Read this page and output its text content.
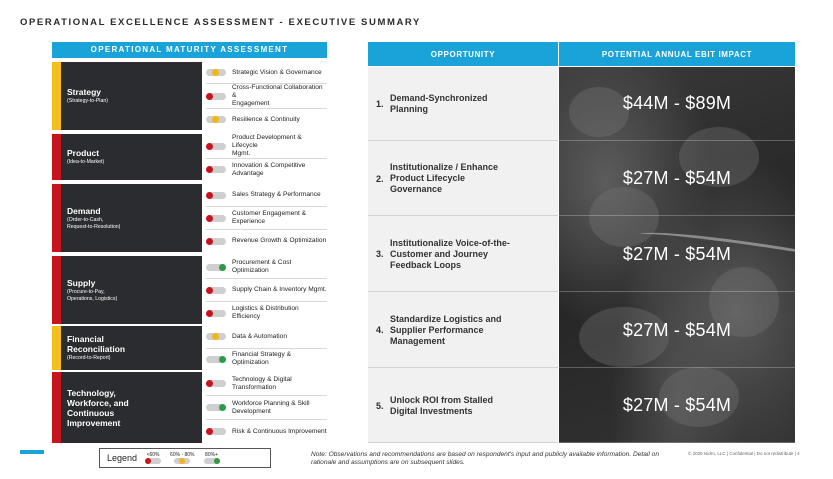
OPERATIONAL EXCELLENCE ASSESSMENT - EXECUTIVE SUMMARY
OPERATIONAL MATURITY ASSESSMENT
Strategy
(Strategy-to-Plan)
Strategic Vision & Governance
Cross-Functional Collaboration &
Engagement
Resilience & Continuity
Product
(Idea-to-Market)
Product Development & Lifecycle
Mgmt.
Innovation & Competitive
Advantage
Demand
(Order-to-Cash,
Request-to-Resolution)
Sales Strategy & Performance
Customer Engagement &
Experience
Revenue Growth & Optimization
Supply
(Procure-to-Pay,
Operations, Logistics)
Procurement & Cost Optimization
Supply Chain & Inventory Mgmt.
Logistics & Distribution Efficiency
Financial
Reconciliation
(Record-to-Report)
Data & Automation
Financial Strategy & Optimization
Technology,
Workforce, and
Continuous
Improvement
Technology & Digital
Transformation
Workforce Planning & Skill
Development
Risk & Continuous Improvement
OPPORTUNITY	POTENTIAL ANNUAL EBIT IMPACT
1.
Demand-Synchronized
Planning
2.
Institutionalize / Enhance
Product Lifecycle
Governance
3.
Institutionalize Voice-of-the-
Customer and Journey
Feedback Loops
4.
Standardize Logistics and
Supplier Performance
Management
5.
Unlock ROI from Stalled
Digital Investments
$44M - $89M
$27M - $54M
$27M - $54M
$27M - $54M
$27M - $54M
Legend <60% 60% - 80% 80%+	Note: Observations and recommendations are based on respondent's input and publicly available information. Detail on rationale and assumptions are on subsequent slides.
© 2025 Isidro, LLC | Confidential | Do not redistribute | 4
